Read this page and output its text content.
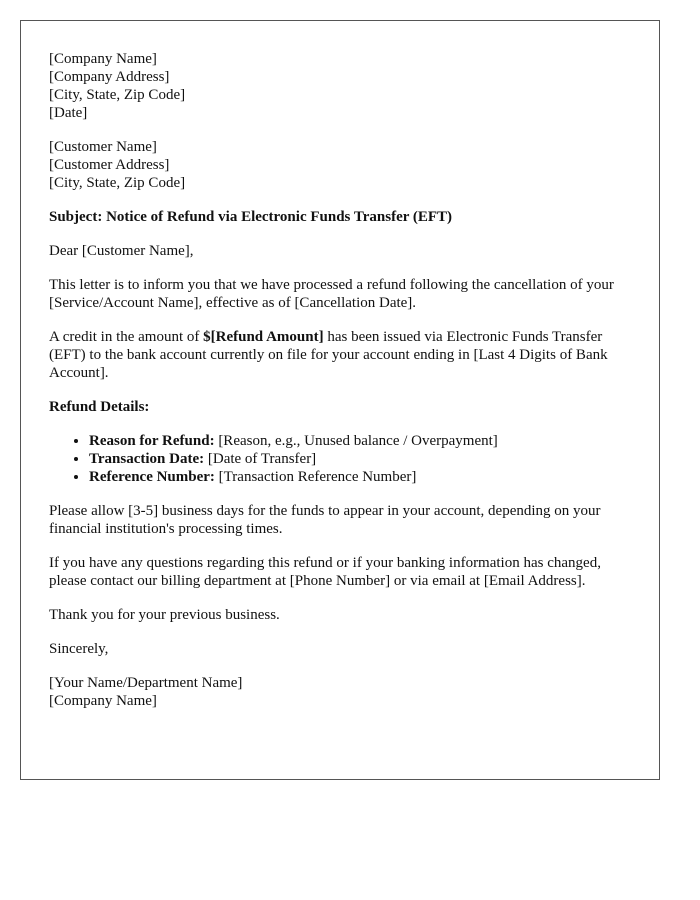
[Company Name]
[Company Address]
[City, State, Zip Code]
[Date]
[Customer Name]
[Customer Address]
[City, State, Zip Code]

Subject: Notice of Refund via Electronic Funds Transfer (EFT)

Dear [Customer Name],

This letter is to inform you that we have processed a refund following the cancellation of your [Service/Account Name], effective as of [Cancellation Date].

A credit in the amount of $[Refund Amount] has been issued via Electronic Funds Transfer (EFT) to the bank account currently on file for your account ending in [Last 4 Digits of Bank Account].

Refund Details:

• Reason for Refund: [Reason, e.g., Unused balance / Overpayment]
• Transaction Date: [Date of Transfer]
• Reference Number: [Transaction Reference Number]

Please allow [3-5] business days for the funds to appear in your account, depending on your financial institution's processing times.

If you have any questions regarding this refund or if your banking information has changed, please contact our billing department at [Phone Number] or via email at [Email Address].

Thank you for your previous business.

Sincerely,

[Your Name/Department Name]
[Company Name]
